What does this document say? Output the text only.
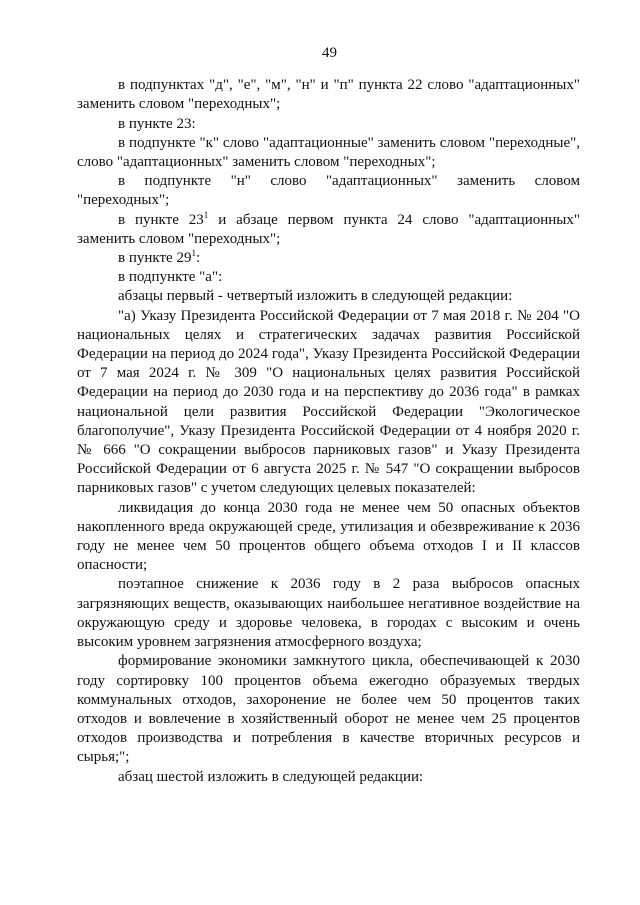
49

в подпунктах "д", "е", "м", "н" и "п" пункта 22 слово "адаптационных" заменить словом "переходных";

в пункте 23:

в подпункте "к" слово "адаптационные" заменить словом "переходные", слово "адаптационных" заменить словом "переходных";

в подпункте "н" слово "адаптационных" заменить словом "переходных";

в пункте $23^1$ и абзаце первом пункта 24 слово "адаптационных" заменить словом "переходных";

в пункте $29^1$:

в подпункте "а":

абзацы первый - четвертый изложить в следующей редакции:

"а) Указу Президента Российской Федерации от 7 мая 2018 г. № 204 "О национальных целях и стратегических задачах развития Российской Федерации на период до 2024 года", Указу Президента Российской Федерации от 7 мая 2024 г. № 309 "О национальных целях развития Российской Федерации на период до 2030 года и на перспективу до 2036 года" в рамках национальной цели развития Российской Федерации "Экологическое благополучие", Указу Президента Российской Федерации от 4 ноября 2020 г. № 666 "О сокращении выбросов парниковых газов" и Указу Президента Российской Федерации от 6 августа 2025 г. № 547 "О сокращении выбросов парниковых газов" с учетом следующих целевых показателей:

ликвидация до конца 2030 года не менее чем 50 опасных объектов накопленного вреда окружающей среде, утилизация и обезвреживание к 2036 году не менее чем 50 процентов общего объема отходов I и II классов опасности;

поэтапное снижение к 2036 году в 2 раза выбросов опасных загрязняющих веществ, оказывающих наибольшее негативное воздействие на окружающую среду и здоровье человека, в городах с высоким и очень высоким уровнем загрязнения атмосферного воздуха;

формирование экономики замкнутого цикла, обеспечивающей к 2030 году сортировку 100 процентов объема ежегодно образуемых твердых коммунальных отходов, захоронение не более чем 50 процентов таких отходов и вовлечение в хозяйственный оборот не менее чем 25 процентов отходов производства и потребления в качестве вторичных ресурсов и сырья;";

абзац шестой изложить в следующей редакции:
